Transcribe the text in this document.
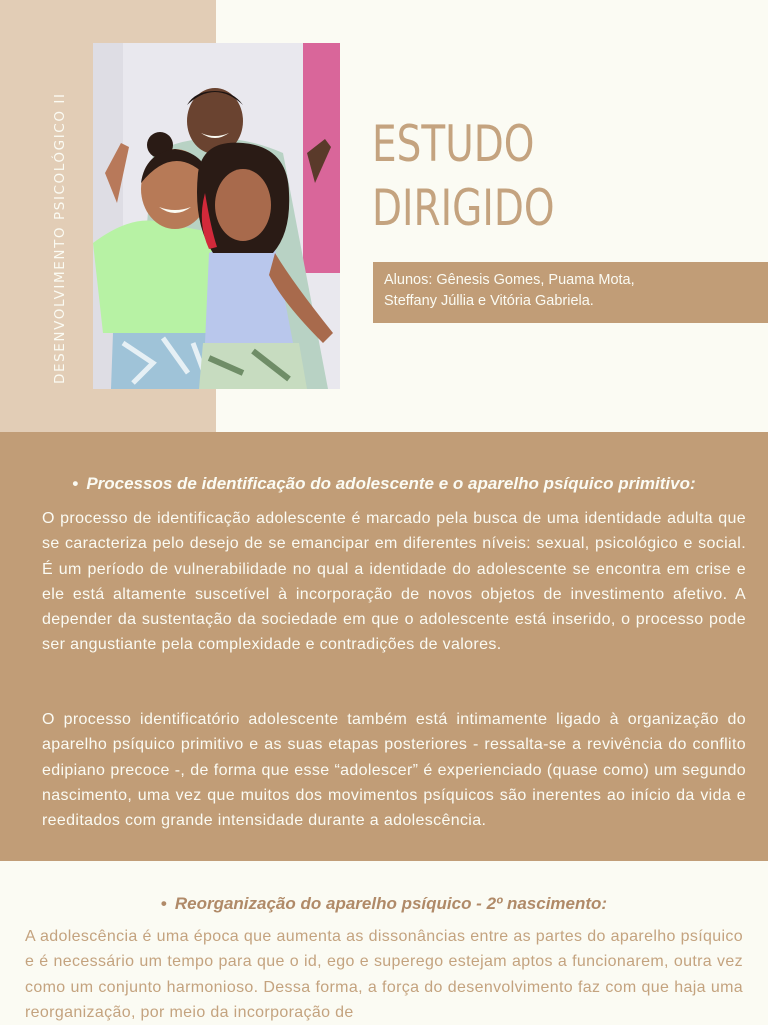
DESENVOLVIMENTO PSICOLÓGICO II	ESTUDO
DIRIGIDO
Alunos: Gênesis Gomes, Puama Mota,
Steffany Júllia e Vitória Gabriela.
• Processos de identificação do adolescente e o aparelho psíquico primitivo:

O processo de identificação adolescente é marcado pela busca de uma identidade adulta que se caracteriza pelo desejo de se emancipar em diferentes níveis: sexual, psicológico e social. É um período de vulnerabilidade no qual a identidade do adolescente se encontra em crise e ele está altamente suscetível à incorporação de novos objetos de investimento afetivo. A depender da sustentação da sociedade em que o adolescente está inserido, o processo pode ser angustiante pela complexidade e contradições de valores.

O processo identificatório adolescente também está intimamente ligado à organização do aparelho psíquico primitivo e as suas etapas posteriores - ressalta-se a revivência do conflito edipiano precoce -, de forma que esse “adolescer” é experienciado (quase como) um segundo nascimento, uma vez que muitos dos movimentos psíquicos são inerentes ao início da vida e reeditados com grande intensidade durante a adolescência.

• Reorganização do aparelho psíquico - 2º nascimento:

A adolescência é uma época que aumenta as dissonâncias entre as partes do aparelho psíquico e é necessário um tempo para que o id, ego e superego estejam aptos a funcionarem, outra vez como um conjunto harmonioso. Dessa forma, a força do desenvolvimento faz com que haja uma reorganização, por meio da incorporação de
